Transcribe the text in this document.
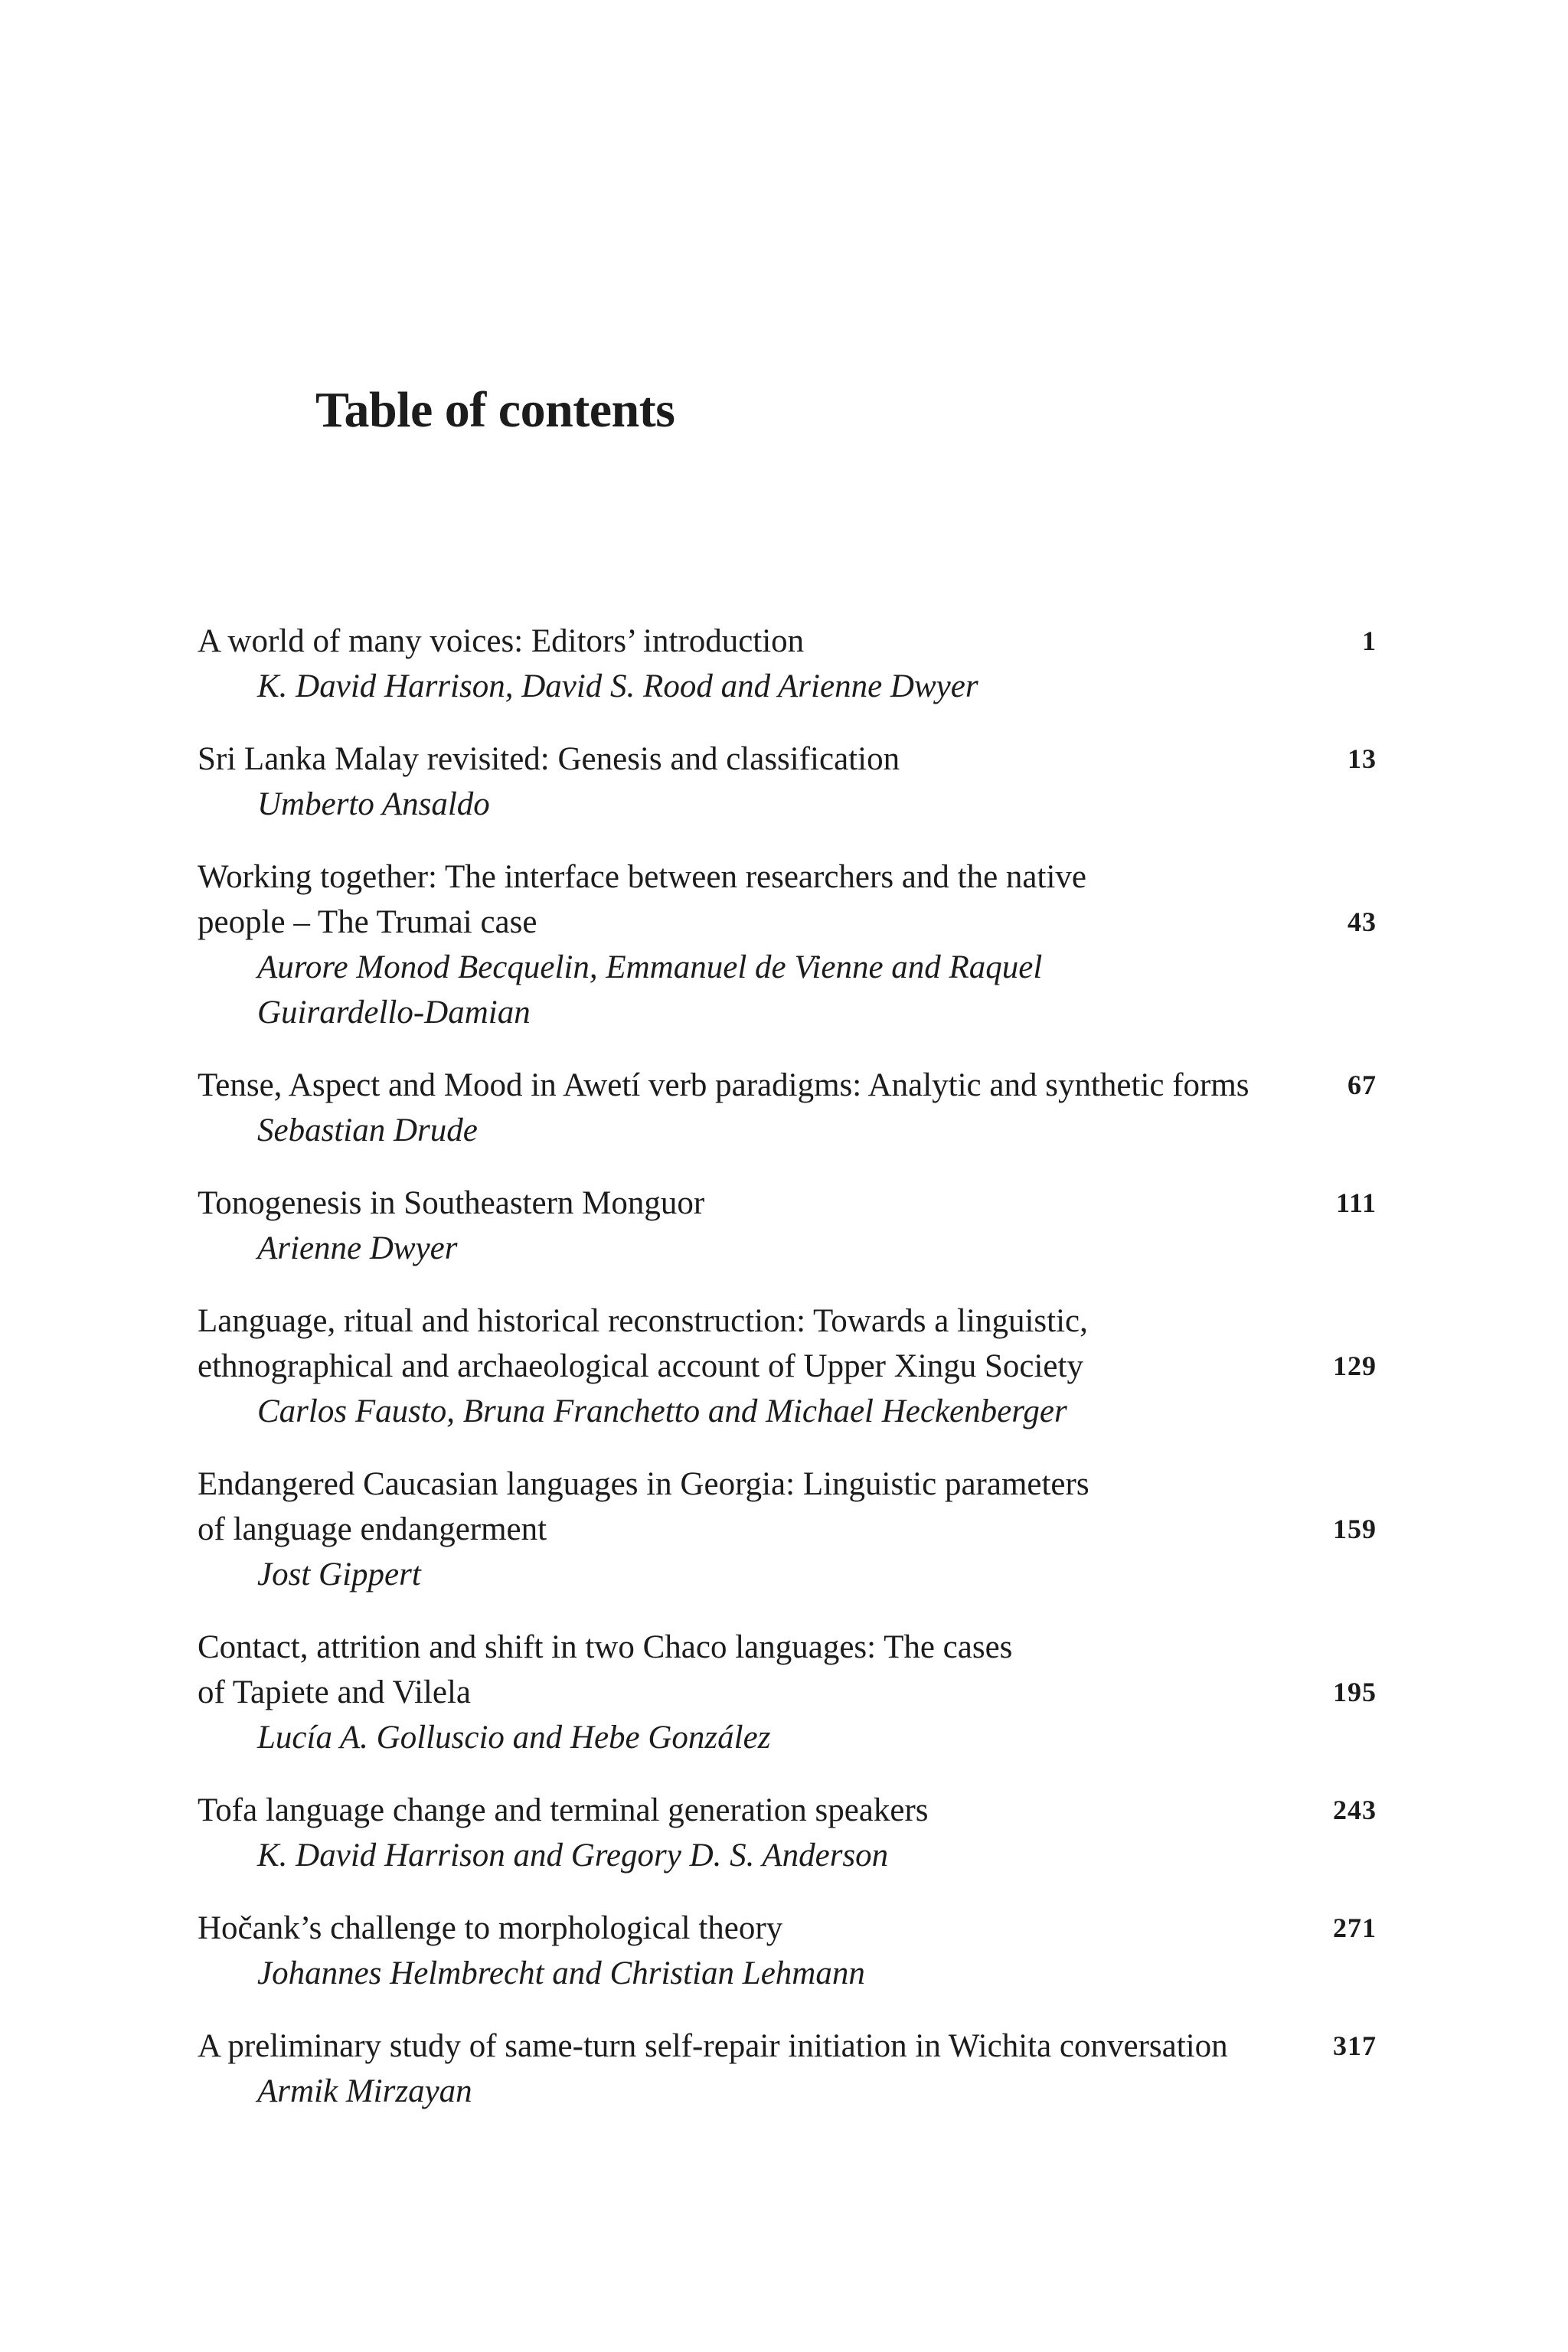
Table of contents

A world of many voices: Editors’ introduction

K. David Harrison, David S. Rood and Arienne Dwyer

1

Sri Lanka Malay revisited: Genesis and classification

Umberto Ansaldo

13

Working together: The interface between researchers and the native
people – The Trumai case

Aurore Monod Becquelin, Emmanuel de Vienne and Raquel
Guirardello-Damian

43

Tense, Aspect and Mood in Awetí verb paradigms: Analytic and synthetic forms

Sebastian Drude

67

Tonogenesis in Southeastern Monguor

Arienne Dwyer

111

Language, ritual and historical reconstruction: Towards a linguistic,
ethnographical and archaeological account of Upper Xingu Society

Carlos Fausto, Bruna Franchetto and Michael Heckenberger

129

Endangered Caucasian languages in Georgia: Linguistic parameters
of language endangerment

Jost Gippert

159

Contact, attrition and shift in two Chaco languages: The cases
of Tapiete and Vilela

Lucía A. Golluscio and Hebe González

195

Tofa language change and terminal generation speakers

K. David Harrison and Gregory D. S. Anderson

243

Hočank’s challenge to morphological theory

Johannes Helmbrecht and Christian Lehmann

271

A preliminary study of same-turn self-repair initiation in Wichita conversation

Armik Mirzayan

317
